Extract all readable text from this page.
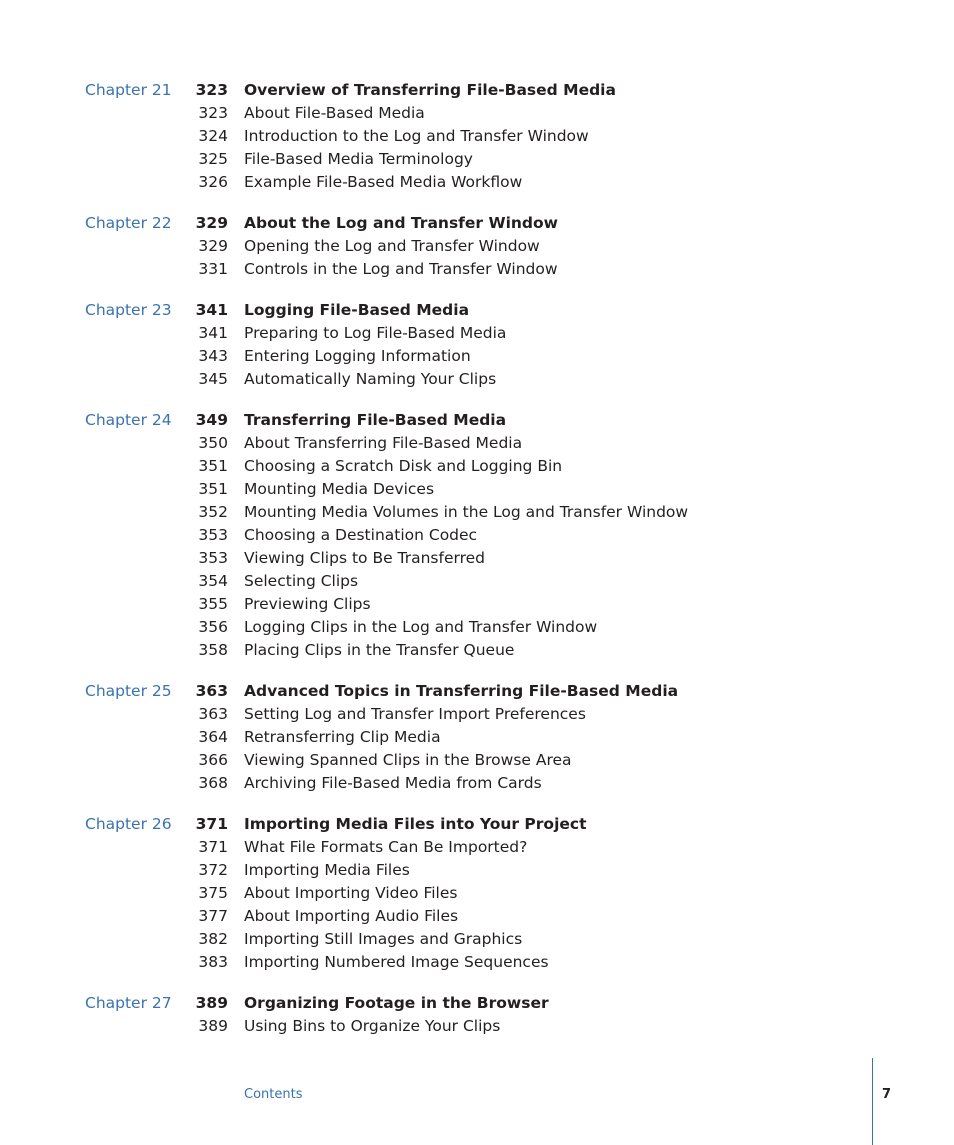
Chapter 21	323 Overview of Transferring File-Based Media
323 About File-Based Media
324 Introduction to the Log and Transfer Window
325 File-Based Media Terminology
326 Example File-Based Media Workflow
Chapter 22	329 About the Log and Transfer Window
329 Opening the Log and Transfer Window
331 Controls in the Log and Transfer Window
Chapter 23	341 Logging File-Based Media
341 Preparing to Log File-Based Media
343 Entering Logging Information
345 Automatically Naming Your Clips
Chapter 24	349 Transferring File-Based Media
350 About Transferring File-Based Media
351 Choosing a Scratch Disk and Logging Bin
351 Mounting Media Devices
352 Mounting Media Volumes in the Log and Transfer Window
353 Choosing a Destination Codec
353 Viewing Clips to Be Transferred
354 Selecting Clips
355 Previewing Clips
356 Logging Clips in the Log and Transfer Window
358 Placing Clips in the Transfer Queue
Chapter 25	363 Advanced Topics in Transferring File-Based Media
363 Setting Log and Transfer Import Preferences
364 Retransferring Clip Media
366 Viewing Spanned Clips in the Browse Area
368 Archiving File-Based Media from Cards
Chapter 26	371 Importing Media Files into Your Project
371 What File Formats Can Be Imported?
372 Importing Media Files
375 About Importing Video Files
377 About Importing Audio Files
382 Importing Still Images and Graphics
383 Importing Numbered Image Sequences
Chapter 27	389 Organizing Footage in the Browser
389 Using Bins to Organize Your Clips
Contents	7
